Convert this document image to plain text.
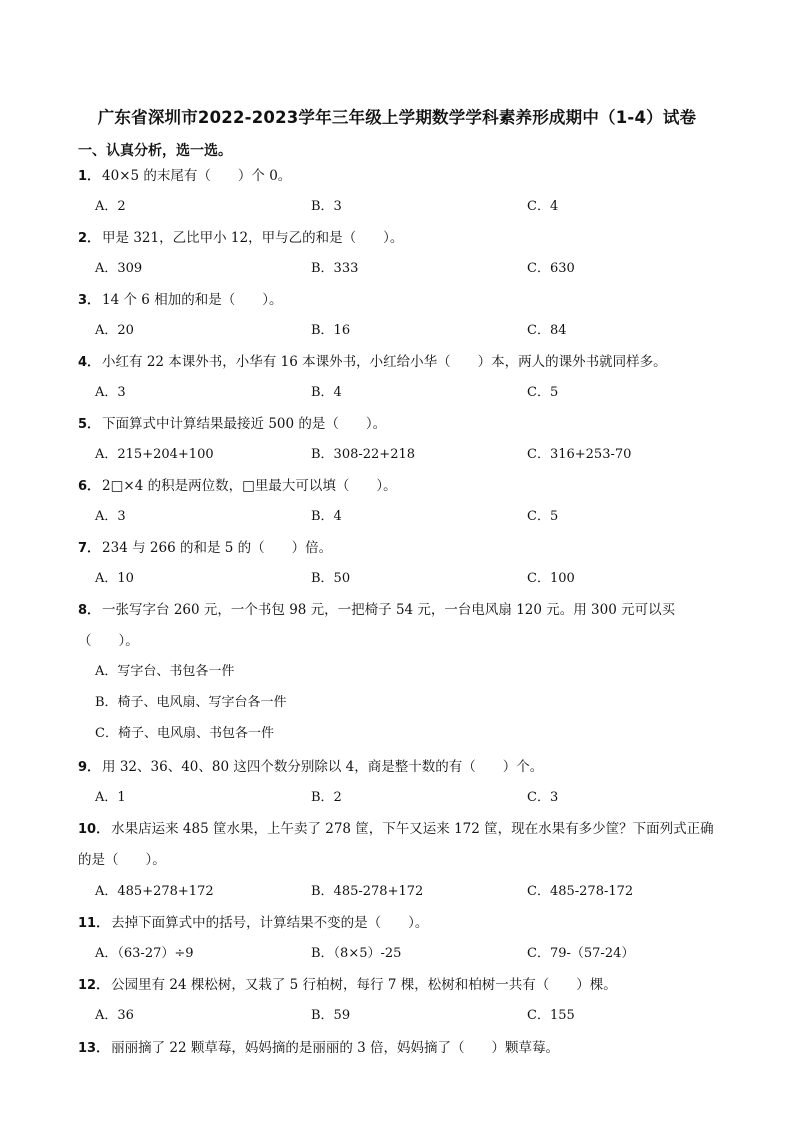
广东省深圳市2022-2023学年三年级上学期数学学科素养形成期中（1-4）试卷
一、认真分析，选一选。
1． 40×5 的末尾有（　　）个 0。
A．2	B．3	C．4
2． 甲是 321，乙比甲小 12，甲与乙的和是（　　）。
A．309	B．333	C．630
3． 14 个 6 相加的和是（　　）。
A．20	B．16	C．84
4． 小红有 22 本课外书，小华有 16 本课外书，小红给小华（　　）本，两人的课外书就同样多。
A．3	B．4	C．5
5． 下面算式中计算结果最接近 500 的是（　　）。
A．215+204+100	B．308-22+218	C．316+253-70
6． 2□×4 的积是两位数，□里最大可以填（　　）。
A．3	B．4	C．5
7． 234 与 266 的和是 5 的（　　）倍。
A．10	B．50	C．100
8． 一张写字台 260 元，一个书包 98 元，一把椅子 54 元，一台电风扇 120 元。用 300 元可以买
（　　）。
A．写字台、书包各一件
B．椅子、电风扇、写字台各一件
C．椅子、电风扇、书包各一件
9． 用 32、36、40、80 这四个数分别除以 4，商是整十数的有（　　）个。
A．1	B．2	C．3
10． 水果店运来 485 筐水果，上午卖了 278 筐，下午又运来 172 筐，现在水果有多少筐？下面列式正确
的是（　　）。
A．485+278+172	B．485-278+172	C．485-278-172
11． 去掉下面算式中的括号，计算结果不变的是（　　）。
A．（63-27）÷9	B．（8×5）-25	C．79-（57-24）
12． 公园里有 24 棵松树，又栽了 5 行柏树，每行 7 棵，松树和柏树一共有（　　）棵。
A．36	B．59	C．155
13． 丽丽摘了 22 颗草莓，妈妈摘的是丽丽的 3 倍，妈妈摘了（　　）颗草莓。
